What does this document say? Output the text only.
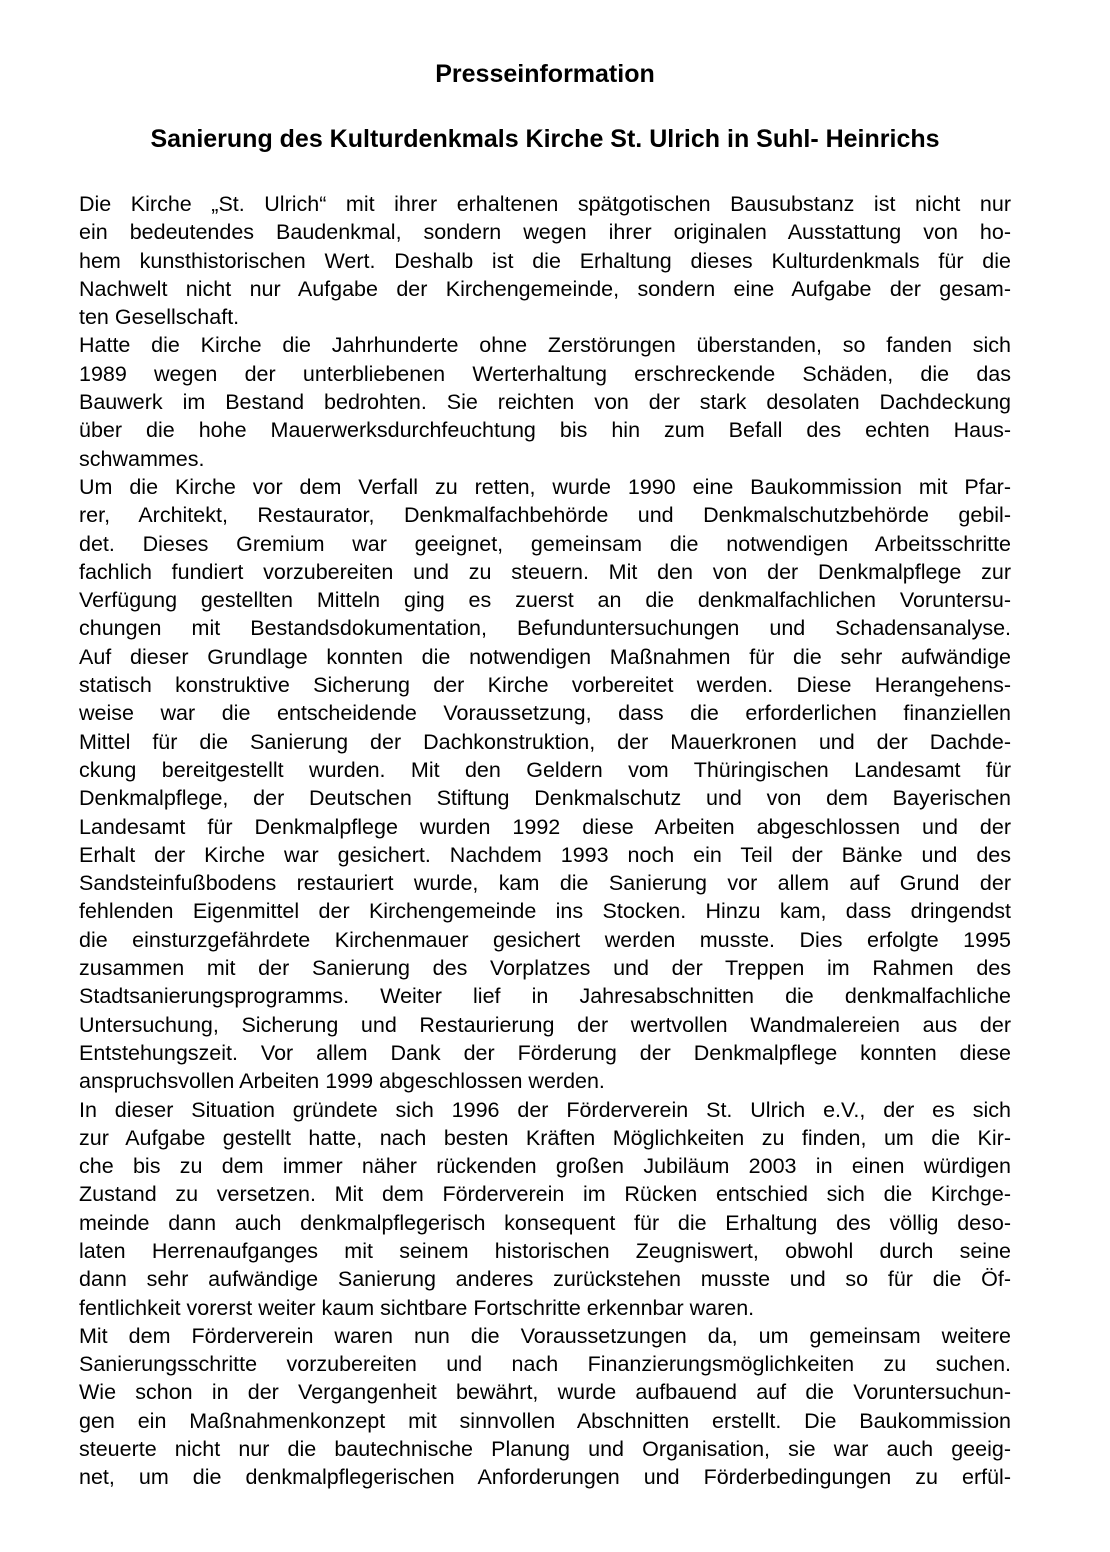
Presseinformation
Sanierung des Kulturdenkmals Kirche St. Ulrich in Suhl- Heinrichs
Die Kirche „St. Ulrich“ mit ihrer erhaltenen spätgotischen Bausubstanz ist nicht nur
ein bedeutendes Baudenkmal, sondern wegen ihrer originalen Ausstattung von ho-
hem kunsthistorischen Wert. Deshalb ist die Erhaltung dieses Kulturdenkmals für die
Nachwelt nicht nur Aufgabe der Kirchengemeinde, sondern eine Aufgabe der gesam-
ten Gesellschaft.
Hatte die Kirche die Jahrhunderte ohne Zerstörungen überstanden, so fanden sich
1989 wegen der unterbliebenen Werterhaltung erschreckende Schäden, die das
Bauwerk im Bestand bedrohten. Sie reichten von der stark desolaten Dachdeckung
über die hohe Mauerwerksdurchfeuchtung bis hin zum Befall des echten Haus-
schwammes.
Um die Kirche vor dem Verfall zu retten, wurde 1990 eine Baukommission mit Pfar-
rer, Architekt, Restaurator, Denkmalfachbehörde und Denkmalschutzbehörde gebil-
det. Dieses Gremium war geeignet, gemeinsam die notwendigen Arbeitsschritte
fachlich fundiert vorzubereiten und zu steuern. Mit den von der Denkmalpflege zur
Verfügung gestellten Mitteln ging es zuerst an die denkmalfachlichen Voruntersu-
chungen mit Bestandsdokumentation, Befunduntersuchungen und Schadensanalyse.
Auf dieser Grundlage konnten die notwendigen Maßnahmen für die sehr aufwändige
statisch konstruktive Sicherung der Kirche vorbereitet werden. Diese Herangehens-
weise war die entscheidende Voraussetzung, dass die erforderlichen finanziellen
Mittel für die Sanierung der Dachkonstruktion, der Mauerkronen und der Dachde-
ckung bereitgestellt wurden. Mit den Geldern vom Thüringischen Landesamt für
Denkmalpflege, der Deutschen Stiftung Denkmalschutz und von dem Bayerischen
Landesamt für Denkmalpflege wurden 1992 diese Arbeiten abgeschlossen und der
Erhalt der Kirche war gesichert. Nachdem 1993 noch ein Teil der Bänke und des
Sandsteinfußbodens restauriert wurde, kam die Sanierung vor allem auf Grund der
fehlenden Eigenmittel der Kirchengemeinde ins Stocken. Hinzu kam, dass dringendst
die einsturzgefährdete Kirchenmauer gesichert werden musste. Dies erfolgte 1995
zusammen mit der Sanierung des Vorplatzes und der Treppen im Rahmen des
Stadtsanierungsprogramms. Weiter lief in Jahresabschnitten die denkmalfachliche
Untersuchung, Sicherung und Restaurierung der wertvollen Wandmalereien aus der
Entstehungszeit. Vor allem Dank der Förderung der Denkmalpflege konnten diese
anspruchsvollen Arbeiten 1999 abgeschlossen werden.
In dieser Situation gründete sich 1996 der Förderverein St. Ulrich e.V., der es sich
zur Aufgabe gestellt hatte, nach besten Kräften Möglichkeiten zu finden, um die Kir-
che bis zu dem immer näher rückenden großen Jubiläum 2003 in einen würdigen
Zustand zu versetzen. Mit dem Förderverein im Rücken entschied sich die Kirchge-
meinde dann auch denkmalpflegerisch konsequent für die Erhaltung des völlig deso-
laten Herrenaufganges mit seinem historischen Zeugniswert, obwohl durch seine
dann sehr aufwändige Sanierung anderes zurückstehen musste und so für die Öf-
fentlichkeit vorerst weiter kaum sichtbare Fortschritte erkennbar waren.
Mit dem Förderverein waren nun die Voraussetzungen da, um gemeinsam weitere
Sanierungsschritte vorzubereiten und nach Finanzierungsmöglichkeiten zu suchen.
Wie schon in der Vergangenheit bewährt, wurde aufbauend auf die Voruntersuchun-
gen ein Maßnahmenkonzept mit sinnvollen Abschnitten erstellt. Die Baukommission
steuerte nicht nur die bautechnische Planung und Organisation, sie war auch geeig-
net, um die denkmalpflegerischen Anforderungen und Förderbedingungen zu erfül-
